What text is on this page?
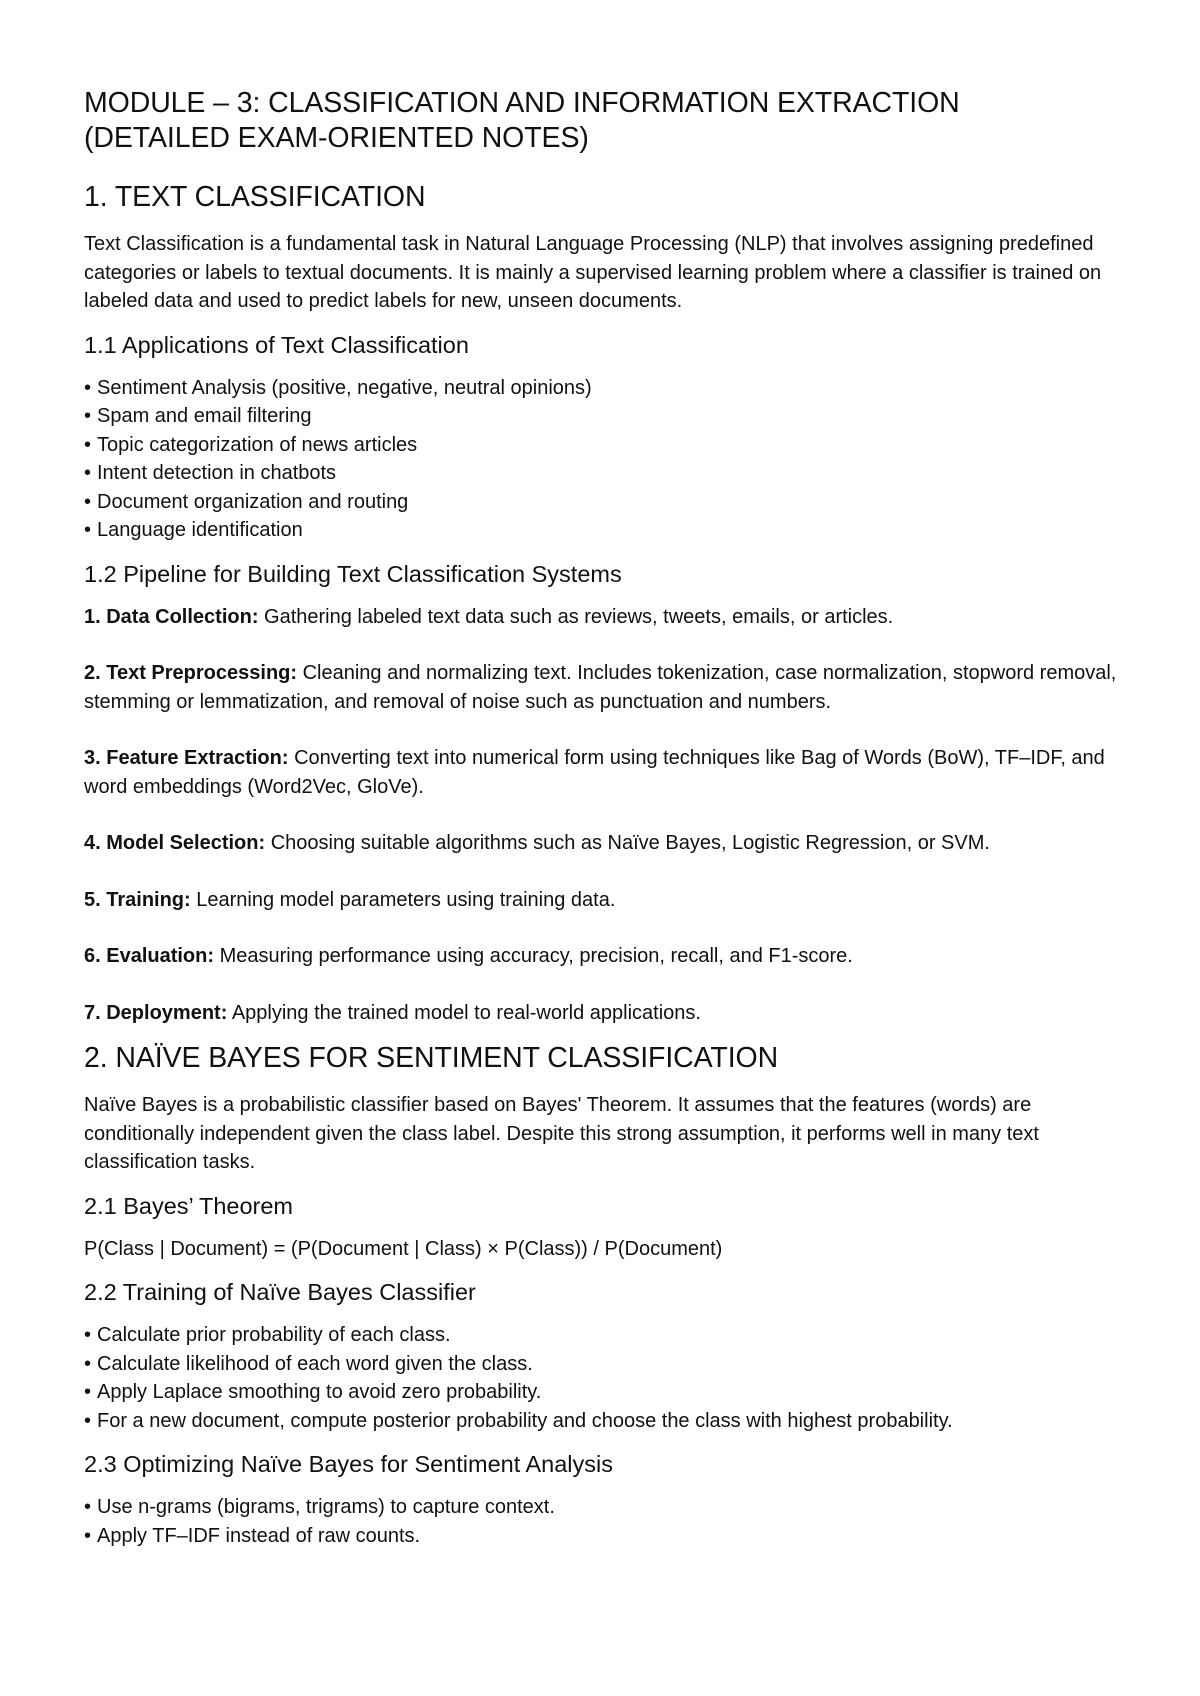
MODULE – 3: CLASSIFICATION AND INFORMATION EXTRACTION
(DETAILED EXAM-ORIENTED NOTES)
1. TEXT CLASSIFICATION
Text Classification is a fundamental task in Natural Language Processing (NLP) that involves assigning predefined categories or labels to textual documents. It is mainly a supervised learning problem where a classifier is trained on labeled data and used to predict labels for new, unseen documents.
1.1 Applications of Text Classification
• Sentiment Analysis (positive, negative, neutral opinions)
• Spam and email filtering
• Topic categorization of news articles
• Intent detection in chatbots
• Document organization and routing
• Language identification
1.2 Pipeline for Building Text Classification Systems
1. Data Collection: Gathering labeled text data such as reviews, tweets, emails, or articles.
2. Text Preprocessing: Cleaning and normalizing text. Includes tokenization, case normalization, stopword removal, stemming or lemmatization, and removal of noise such as punctuation and numbers.
3. Feature Extraction: Converting text into numerical form using techniques like Bag of Words (BoW), TF–IDF, and word embeddings (Word2Vec, GloVe).
4. Model Selection: Choosing suitable algorithms such as Naïve Bayes, Logistic Regression, or SVM.
5. Training: Learning model parameters using training data.
6. Evaluation: Measuring performance using accuracy, precision, recall, and F1-score.
7. Deployment: Applying the trained model to real-world applications.
2. NAÏVE BAYES FOR SENTIMENT CLASSIFICATION
Naïve Bayes is a probabilistic classifier based on Bayes' Theorem. It assumes that the features (words) are conditionally independent given the class label. Despite this strong assumption, it performs well in many text classification tasks.
2.1 Bayes’ Theorem
P(Class | Document) = (P(Document | Class) × P(Class)) / P(Document)
2.2 Training of Naïve Bayes Classifier
• Calculate prior probability of each class.
• Calculate likelihood of each word given the class.
• Apply Laplace smoothing to avoid zero probability.
• For a new document, compute posterior probability and choose the class with highest probability.
2.3 Optimizing Naïve Bayes for Sentiment Analysis
• Use n-grams (bigrams, trigrams) to capture context.
• Apply TF–IDF instead of raw counts.
